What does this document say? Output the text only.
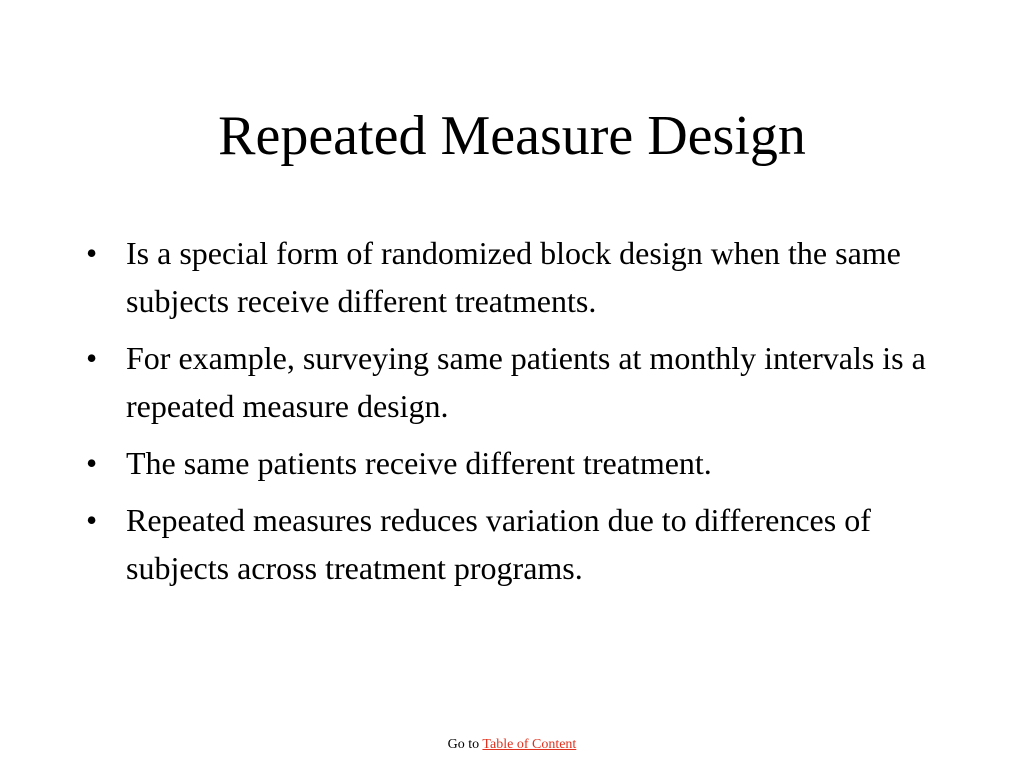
Repeated Measure Design
• Is a special form of randomized block design when the same subjects receive different treatments.
• For example, surveying same patients at monthly intervals is a repeated measure design.
• The same patients receive different treatment.
• Repeated measures reduces variation due to differences of subjects across treatment programs.
Go to Table of Content
